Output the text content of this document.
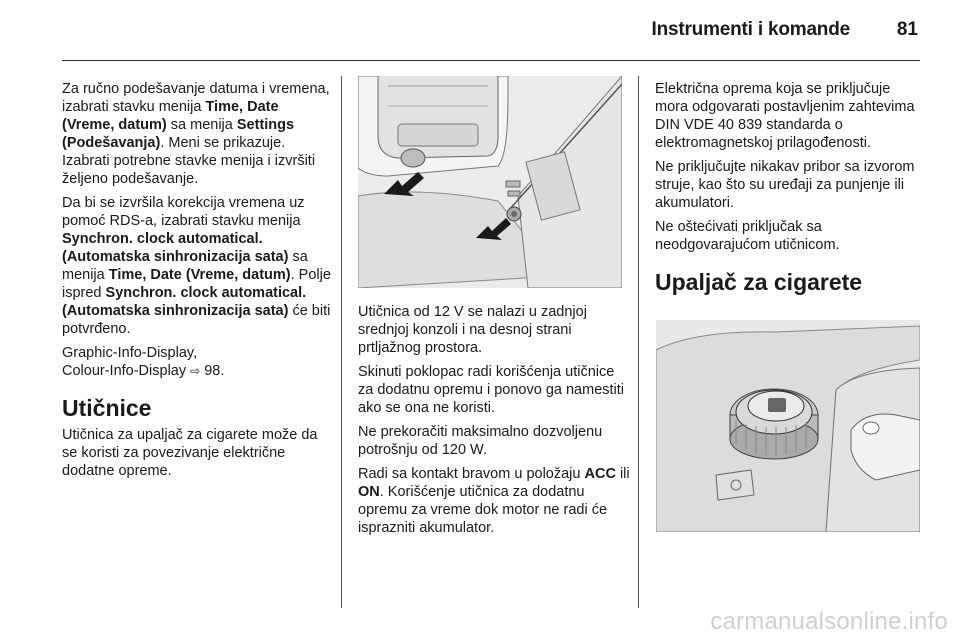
Instrumenti i komande	81

Za ručno podešavanje datuma i vremena, izabrati stavku menija Time, Date (Vreme, datum) sa menija Settings (Podešavanja). Meni se prikazuje. Izabrati potrebne stavke menija i izvršiti željeno podešavanje.

Da bi se izvršila korekcija vremena uz pomoć RDS-a, izabrati stavku menija Synchron. clock automatical. (Automatska sinhronizacija sata) sa menija Time, Date (Vreme, datum). Polje ispred Synchron. clock automatical. (Automatska sinhronizacija sata) će biti potvrđeno.

Graphic-Info-Display,
Colour-Info-Display ⇨ 98.

Utičnice

Utičnica za upaljač za cigarete može da se koristi za povezivanje električne dodatne opreme.

Utičnica od 12 V se nalazi u zadnjoj srednjoj konzoli i na desnoj strani prtljažnog prostora.

Skinuti poklopac radi korišćenja utičnice za dodatnu opremu i ponovo ga namestiti ako se ona ne koristi.

Ne prekoračiti maksimalno dozvoljenu potrošnju od 120 W.

Radi sa kontakt bravom u položaju ACC ili ON. Korišćenje utičnica za dodatnu opremu za vreme dok motor ne radi će isprazniti akumulator.

Električna oprema koja se priključuje mora odgovarati postavljenim zahtevima DIN VDE 40 839 standarda o elektromagnetskoj prilagođenosti.

Ne priključujte nikakav pribor sa izvorom struje, kao što su uređaji za punjenje ili akumulatori.

Ne oštećivati priključak sa neodgovarajućom utičnicom.

Upaljač za cigarete
carmanualsonline.info
